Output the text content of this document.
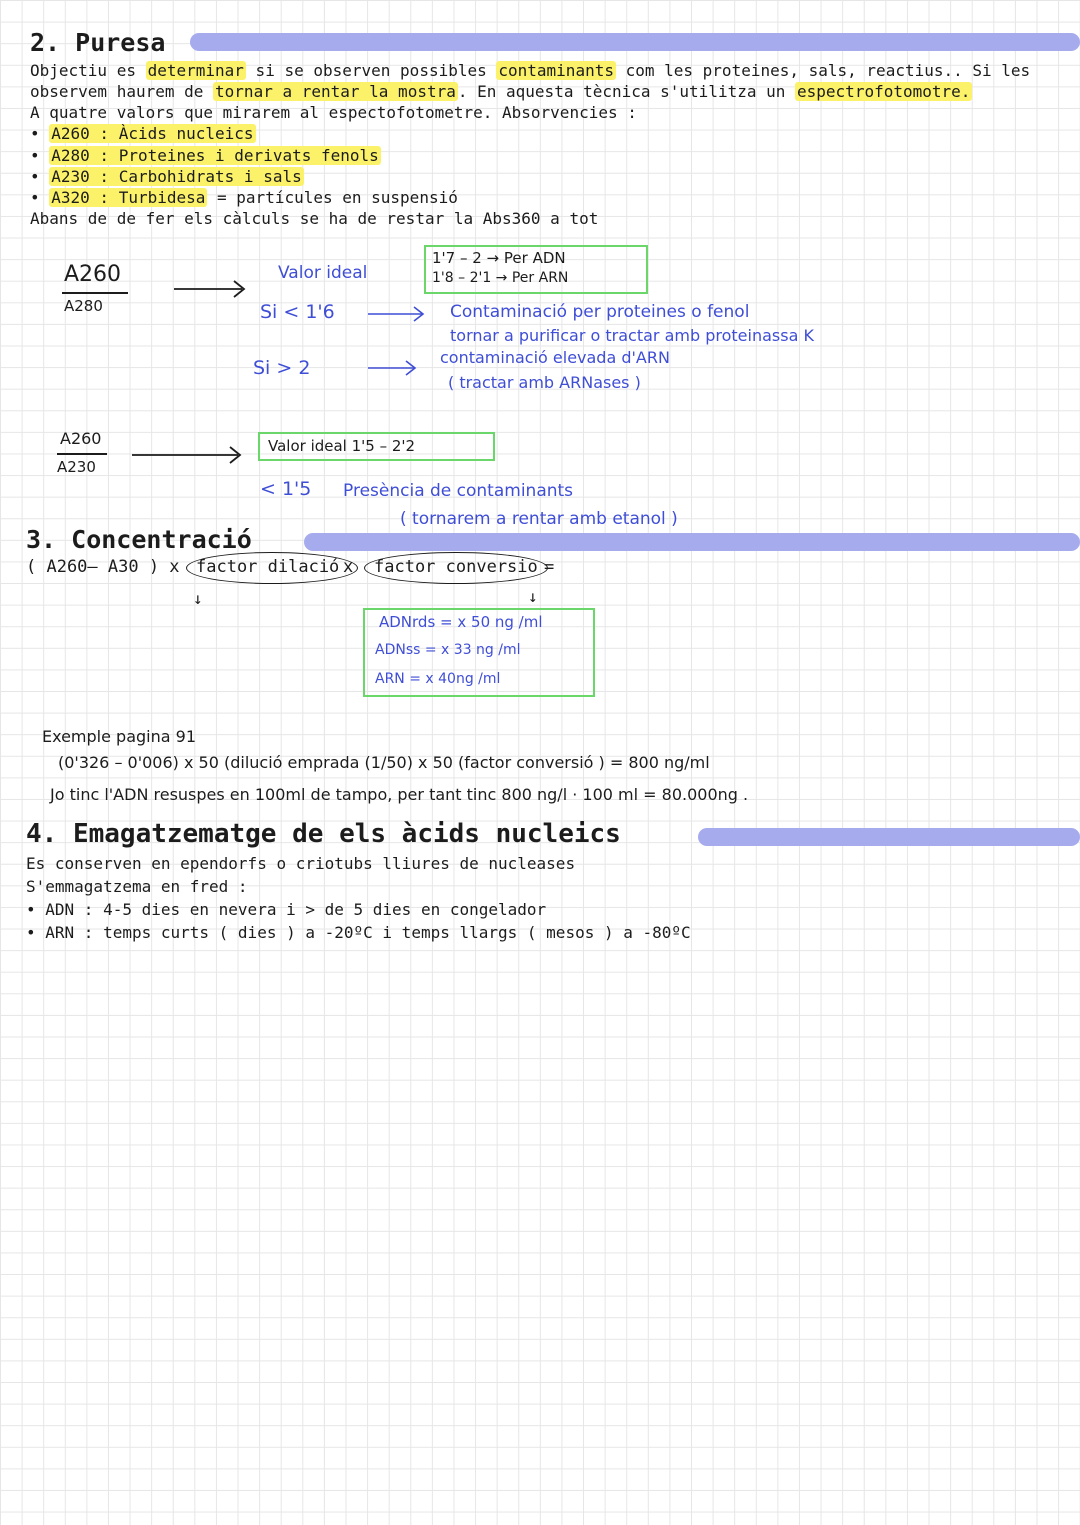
2. Puresa
Objectiu es determinar si se observen possibles contaminants com les proteines, sals, reactius.. Si les
observem haurem de tornar a rentar la mostra . En aquesta tècnica s'utilitza un espectrofotomotre.
A quatre valors que mirarem al espectofotometre. Absorvencies :
• A260 : Àcids nucleics
• A280 : Proteines i derivats fenols
• A230 : Carbohidrats i sals
• A320 : Turbidesa = partícules en suspensió
Abans de de fer els càlculs se ha de restar la Abs360 a tot
A260
A280
Valor ideal
1'7 – 2 → Per ADN
1'8 – 2'1 → Per ARN
Si < 1'6	Contaminació per proteines o fenol
tornar a purificar o tractar amb proteinassa K
Si > 2	contaminació elevada d'ARN
( tractar amb ARNases )
A260
A230
Valor ideal 1'5 – 2'2
< 1'5 Presència de contaminants
( tornarem a rentar amb etanol )
3. Concentració
( A260– A30 ) x factor dilació x factor conversio =
↓	↓
ADNrds = x 50 ng /ml
ADNss = x 33 ng /ml
ARN = x 40ng /ml
Exemple pagina 91
(0'326 – 0'006) x 50 (dilució emprada (1/50) x 50 (factor conversió ) = 800 ng/ml
Jo tinc l'ADN resuspes en 100ml de tampo, per tant tinc 800 ng/l · 100 ml = 80.000ng .
4. Emagatzematge de els àcids nucleics
Es conserven en ependorfs o criotubs lliures de nucleases
S'emmagatzema en fred :
• ADN : 4-5 dies en nevera i > de 5 dies en congelador
• ARN : temps curts ( dies ) a -20ºC i temps llargs ( mesos ) a -80ºC
